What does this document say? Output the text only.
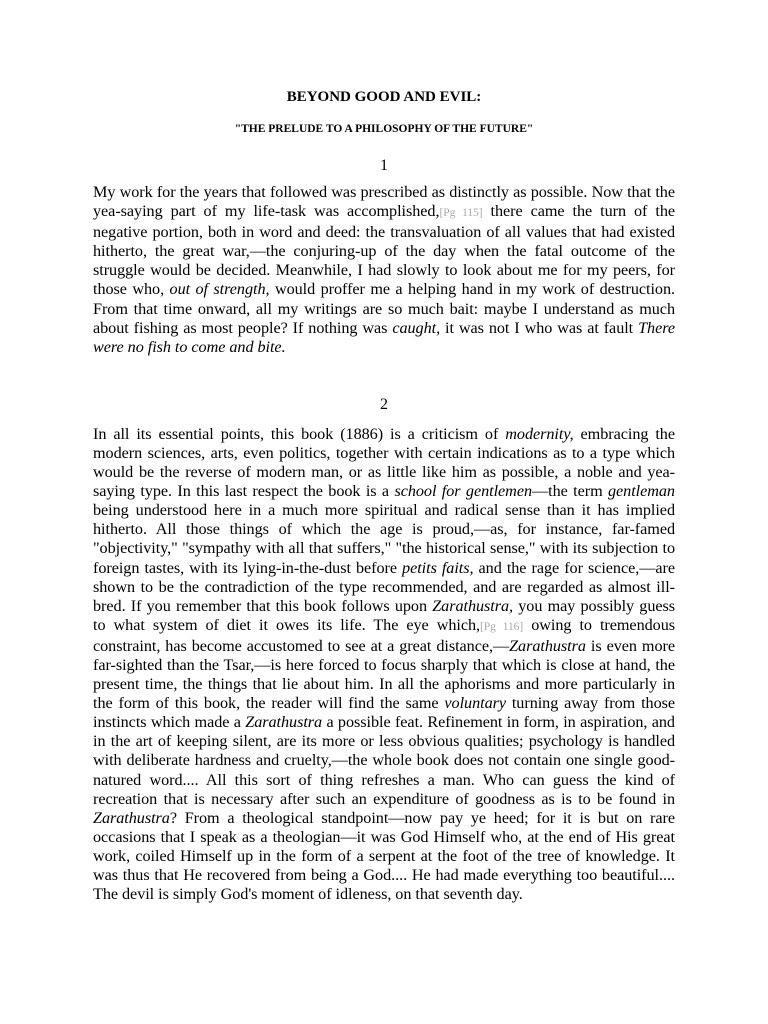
BEYOND GOOD AND EVIL:
"THE PRELUDE TO A PHILOSOPHY OF THE FUTURE"
1

My work for the years that followed was prescribed as distinctly as possible. Now that the yea-saying part of my life-task was accomplished,[Pg 115] there came the turn of the negative portion, both in word and deed: the transvaluation of all values that had existed hitherto, the great war,—the conjuring-up of the day when the fatal outcome of the struggle would be decided. Meanwhile, I had slowly to look about me for my peers, for those who, out of strength, would proffer me a helping hand in my work of destruction. From that time onward, all my writings are so much bait: maybe I understand as much about fishing as most people? If nothing was caught, it was not I who was at fault There were no fish to come and bite.

2

In all its essential points, this book (1886) is a criticism of modernity, embracing the modern sciences, arts, even politics, together with certain indications as to a type which would be the reverse of modern man, or as little like him as possible, a noble and yea-saying type. In this last respect the book is a school for gentlemen—the term gentleman being understood here in a much more spiritual and radical sense than it has implied hitherto. All those things of which the age is proud,—as, for instance, far-famed "objectivity," "sympathy with all that suffers," "the historical sense," with its subjection to foreign tastes, with its lying-in-the-dust before petits faits, and the rage for science,—are shown to be the contradiction of the type recommended, and are regarded as almost ill-bred. If you remember that this book follows upon Zarathustra, you may possibly guess to what system of diet it owes its life. The eye which,[Pg 116] owing to tremendous constraint, has become accustomed to see at a great distance,—Zarathustra is even more far-sighted than the Tsar,—is here forced to focus sharply that which is close at hand, the present time, the things that lie about him. In all the aphorisms and more particularly in the form of this book, the reader will find the same voluntary turning away from those instincts which made a Zarathustra a possible feat. Refinement in form, in aspiration, and in the art of keeping silent, are its more or less obvious qualities; psychology is handled with deliberate hardness and cruelty,—the whole book does not contain one single good-natured word.... All this sort of thing refreshes a man. Who can guess the kind of recreation that is necessary after such an expenditure of goodness as is to be found in Zarathustra? From a theological standpoint—now pay ye heed; for it is but on rare occasions that I speak as a theologian—it was God Himself who, at the end of His great work, coiled Himself up in the form of a serpent at the foot of the tree of knowledge. It was thus that He recovered from being a God.... He had made everything too beautiful.... The devil is simply God's moment of idleness, on that seventh day.
